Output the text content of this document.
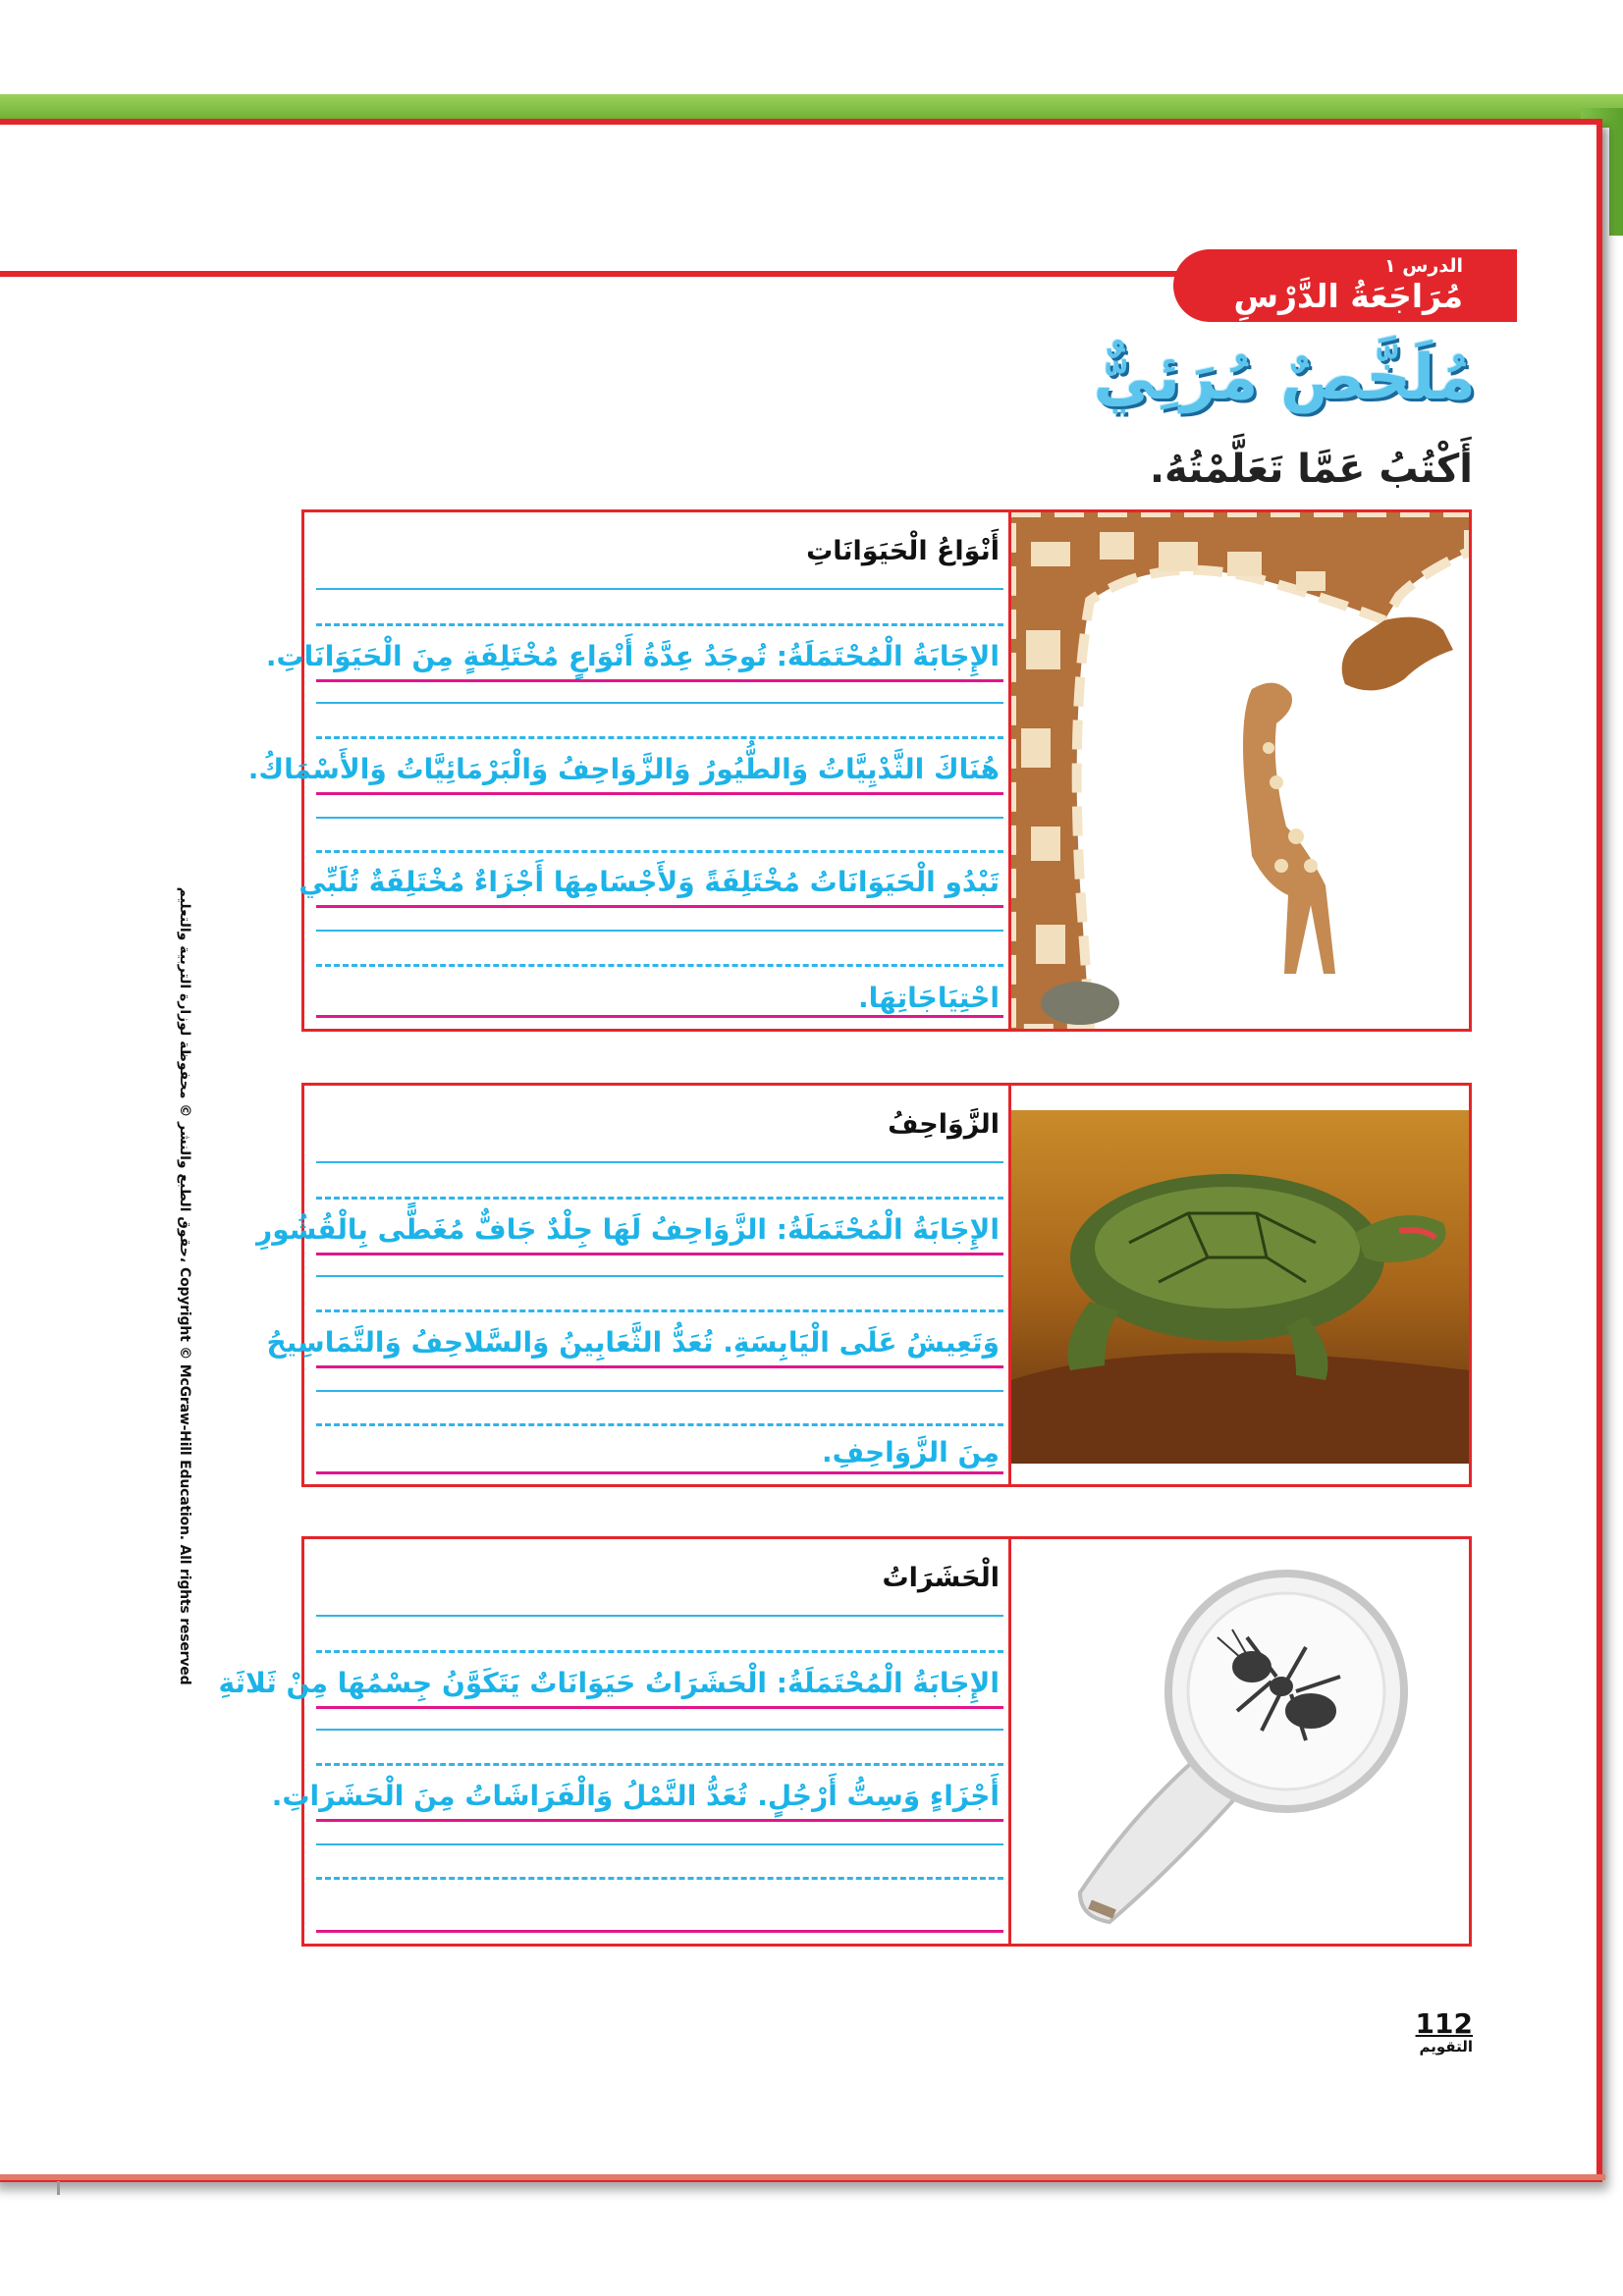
الدرس ١
مُرَاجَعَةُ الدَّرْسِ
مُلَخَّصٌ مُرَئِيٌّ
أَكْتُبُ عَمَّا تَعَلَّمْتُهُ.
أَنْوَاعُ الْحَيَوَانَاتِ
الإِجَابَةُ الْمُحْتَمَلَةُ: تُوجَدُ عِدَّةُ أَنْوَاعٍ مُخْتَلِفَةٍ مِنَ الْحَيَوَانَاتِ.
هُنَاكَ الثَّدْيِيَّاتُ وَالطُّيُورُ وَالزَّوَاحِفُ وَالْبَرْمَائِيَّاتُ وَالأَسْمَاكُ.
تَبْدُو الْحَيَوَانَاتُ مُخْتَلِفَةً وَلأَجْسَامِهَا أَجْزَاءٌ مُخْتَلِفَةٌ تُلَبِّي
احْتِيَاجَاتِهَا.
الزَّوَاحِفُ
الإِجَابَةُ الْمُحْتَمَلَةُ: الزَّوَاحِفُ لَهَا جِلْدٌ جَافٌّ مُغَطًّى بِالْقُشُورِ
وَتَعِيشُ عَلَى الْيَابِسَةِ. تُعَدُّ الثَّعَابِينُ وَالسَّلاحِفُ وَالتَّمَاسِيحُ
مِنَ الزَّوَاحِفِ.
الْحَشَرَاتُ
الإِجَابَةُ الْمُحْتَمَلَةُ: الْحَشَرَاتُ حَيَوَانَاتٌ يَتَكَوَّنُ جِسْمُهَا مِنْ ثَلاثَةِ
أَجْزَاءٍ وَسِتُّ أَرْجُلٍ. تُعَدُّ النَّمْلُ وَالْفَرَاشَاتُ مِنَ الْحَشَرَاتِ.
حقوق الطبع والنشر © محفوظة لوزارة التربية والتعليم، Copyright © McGraw-Hill Education. All rights reserved
112
التقويم
